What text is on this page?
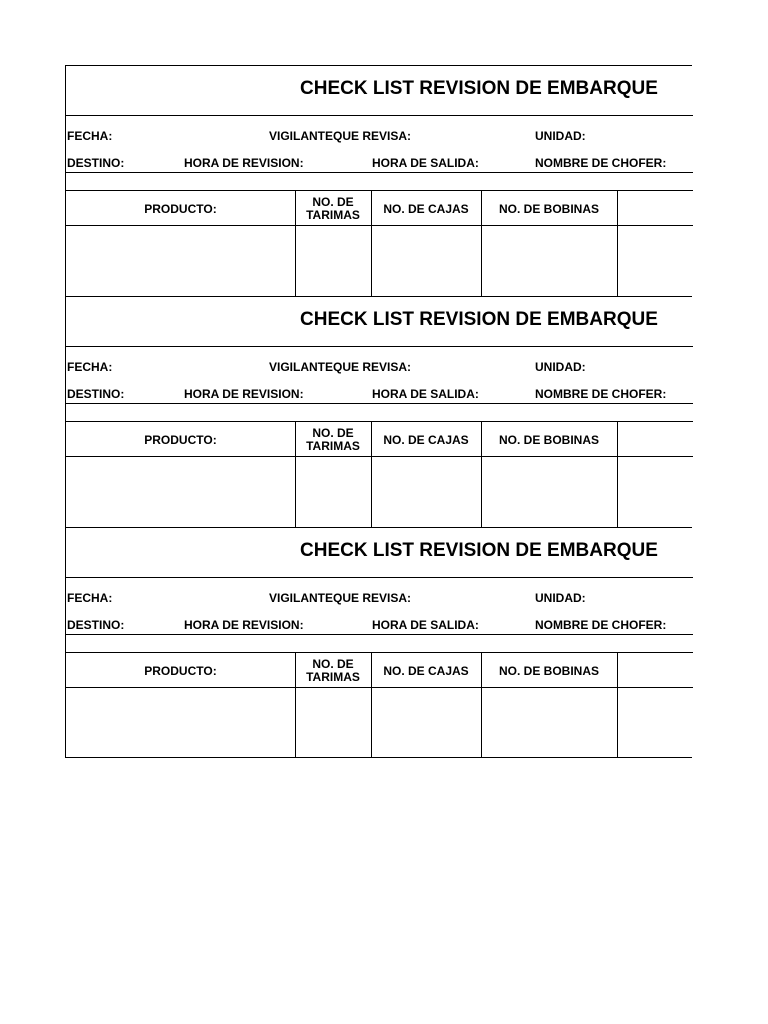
CHECK LIST REVISION DE EMBARQUE
FECHA:	VIGILANTEQUE REVISA:	UNIDAD:
DESTINO:	HORA DE REVISION:	HORA DE SALIDA:	NOMBRE DE CHOFER:
PRODUCTO:	NO. DE TARIMAS	NO. DE CAJAS	NO. DE BOBINAS
CHECK LIST REVISION DE EMBARQUE
FECHA:	VIGILANTEQUE REVISA:	UNIDAD:
DESTINO:	HORA DE REVISION:	HORA DE SALIDA:	NOMBRE DE CHOFER:
PRODUCTO:	NO. DE TARIMAS	NO. DE CAJAS	NO. DE BOBINAS
CHECK LIST REVISION DE EMBARQUE
FECHA:	VIGILANTEQUE REVISA:	UNIDAD:
DESTINO:	HORA DE REVISION:	HORA DE SALIDA:	NOMBRE DE CHOFER:
PRODUCTO:	NO. DE TARIMAS	NO. DE CAJAS	NO. DE BOBINAS
